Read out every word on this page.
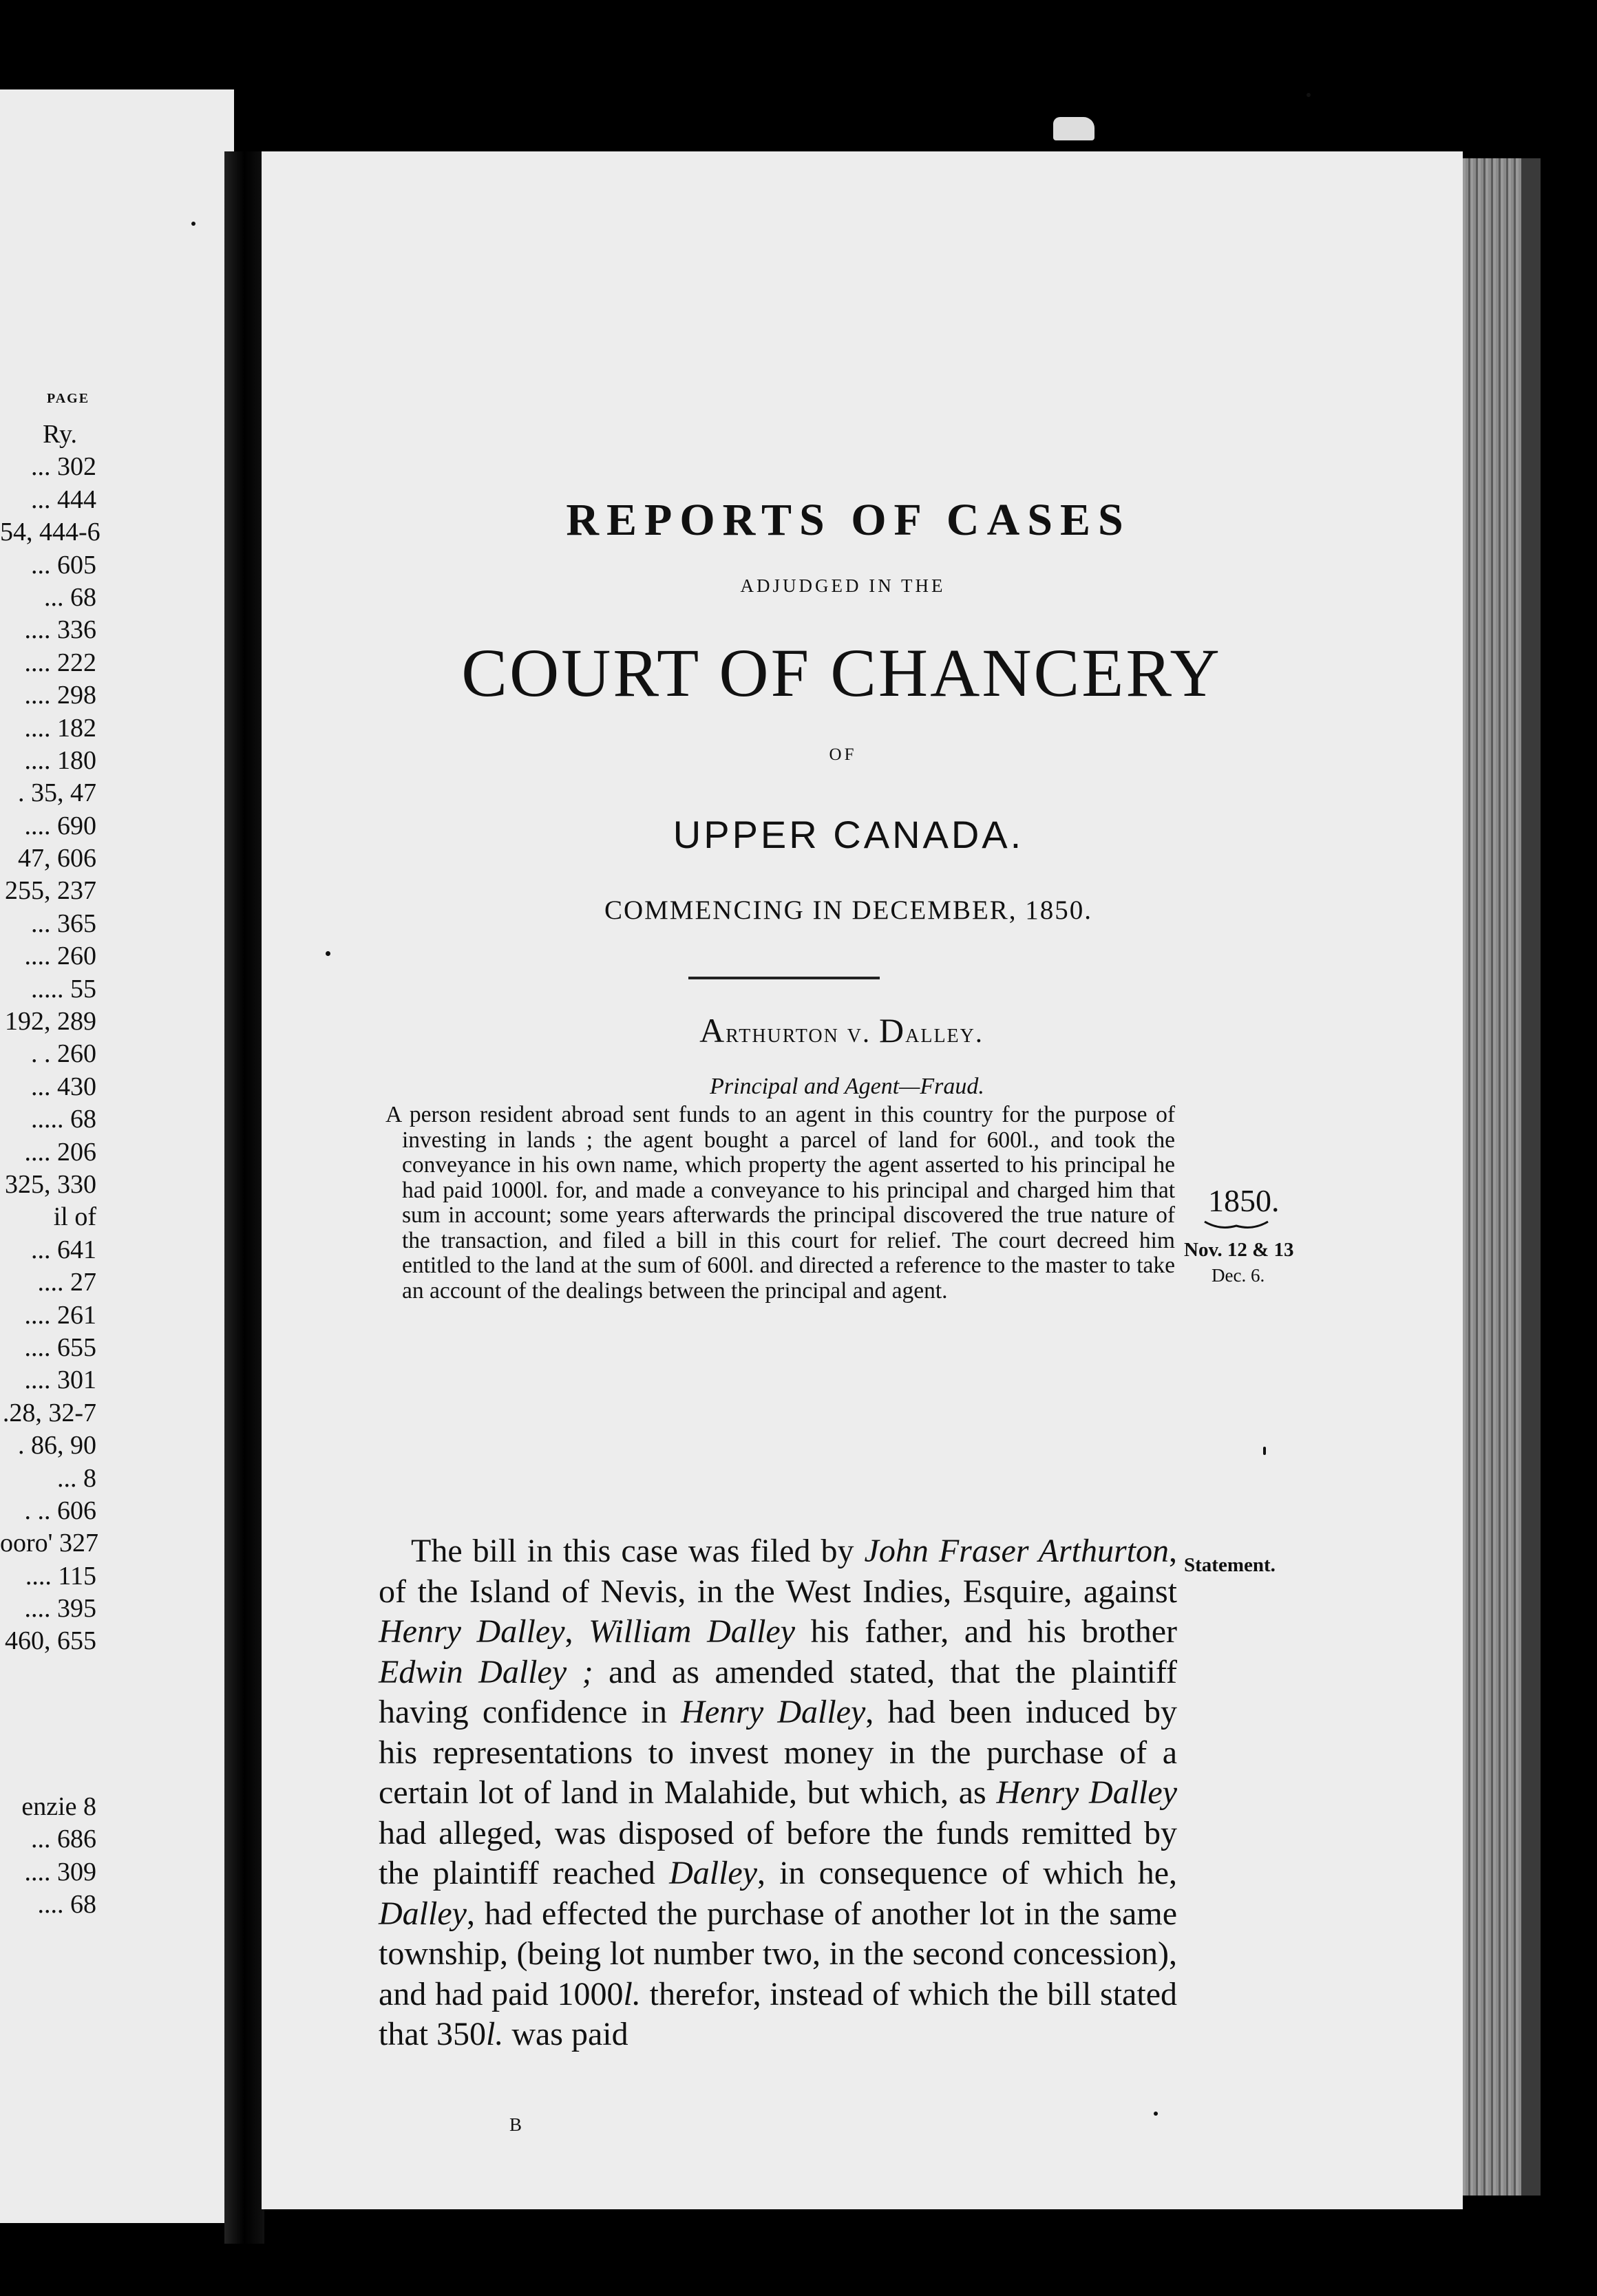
PAGE
Ry.
... 302
... 444
54, 444-6
... 605
... 68
.... 336
.... 222
.... 298
.... 182
.... 180
. 35, 47
.... 690
47, 606
255, 237
... 365
.... 260
..... 55
192, 289
. . 260
... 430
..... 68
.... 206
325, 330
il of
... 641
.... 27
.... 261
.... 655
.... 301
.28, 32-7
. 86, 90
... 8
. .. 606
ooro' 327
.... 115
.... 395
460, 655
enzie 8
... 686
.... 309
.... 68
REPORTS OF CASES
ADJUDGED IN THE
COURT OF CHANCERY
OF
UPPER CANADA.
COMMENCING IN DECEMBER, 1850.
Arthurton v. Dalley.
Principal and Agent—Fraud.

A person resident abroad sent funds to an agent in this country for the purpose of investing in lands ; the agent bought a parcel of land for 600l., and took the conveyance in his own name, which property the agent asserted to his principal he had paid 1000l. for, and made a conveyance to his principal and charged him that sum in account; some years afterwards the principal discovered the true nature of the transaction, and filed a bill in this court for relief. The court decreed him entitled to the land at the sum of 600l. and directed a reference to the master to take an account of the dealings between the principal and agent.

The bill in this case was filed by John Fraser Arthurton, of the Island of Nevis, in the West Indies, Esquire, against Henry Dalley, William Dalley his father, and his brother Edwin Dalley ; and as amended stated, that the plaintiff having confidence in Henry Dalley, had been induced by his representations to invest money in the purchase of a certain lot of land in Malahide, but which, as Henry Dalley had alleged, was disposed of before the funds remitted by the plaintiff reached Dalley, in consequence of which he, Dalley, had effected the purchase of another lot in the same township, (being lot number two, in the second concession), and had paid 1000l. therefor, instead of which the bill stated that 350l. was paid

B
1850.
Nov. 12 & 13
Dec. 6.
Statement.
